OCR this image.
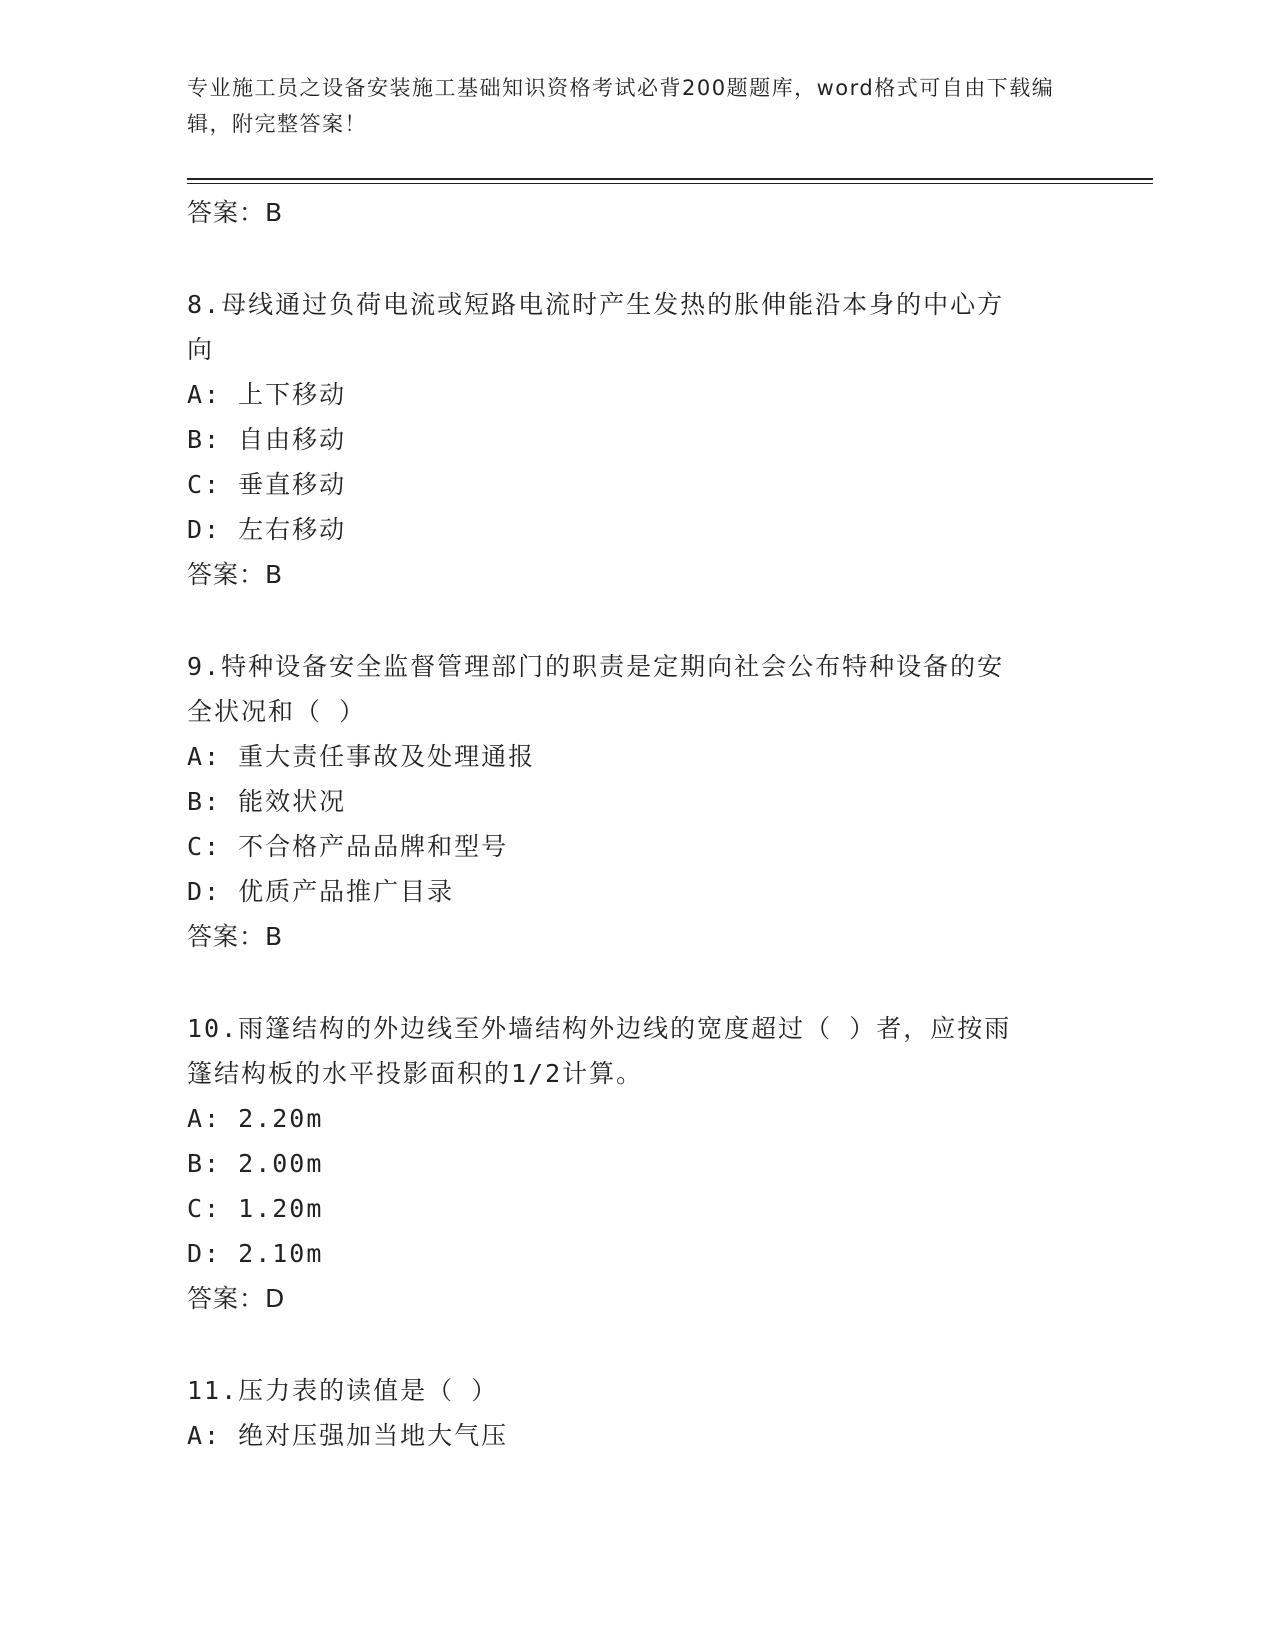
专业施工员之设备安装施工基础知识资格考试必背200题题库，word格式可自由下载编辑，附完整答案！
答案：B
8.母线通过负荷电流或短路电流时产生发热的胀伸能沿本身的中心方
向
A: 上下移动
B: 自由移动
C: 垂直移动
D: 左右移动
答案：B
9.特种设备安全监督管理部门的职责是定期向社会公布特种设备的安
全状况和（ ）
A: 重大责任事故及处理通报
B: 能效状况
C: 不合格产品品牌和型号
D: 优质产品推广目录
答案：B
10.雨篷结构的外边线至外墙结构外边线的宽度超过（ ）者，应按雨
篷结构板的水平投影面积的1/2计算。
A: 2.20m
B: 2.00m
C: 1.20m
D: 2.10m
答案：D
11.压力表的读值是（ ）
A: 绝对压强加当地大气压
